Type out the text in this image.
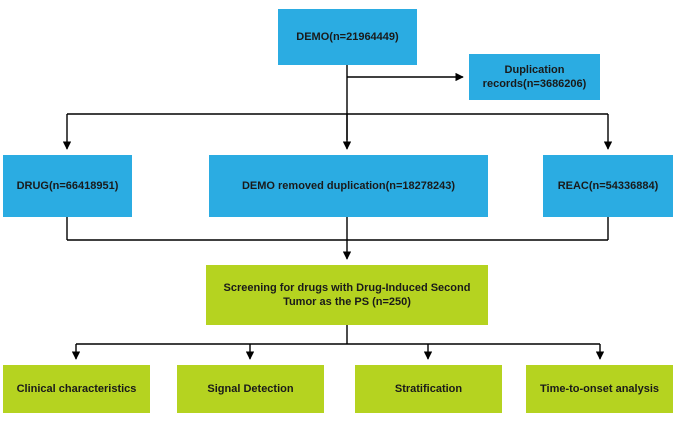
DEMO(n=21964449)
Duplication records(n=3686206)
DRUG(n=66418951)	DEMO removed duplication(n=18278243)	REAC(n=54336884)
Screening for drugs with Drug-Induced Second Tumor as the PS (n=250)
Clinical characteristics	Signal Detection	Stratification	Time-to-onset analysis
